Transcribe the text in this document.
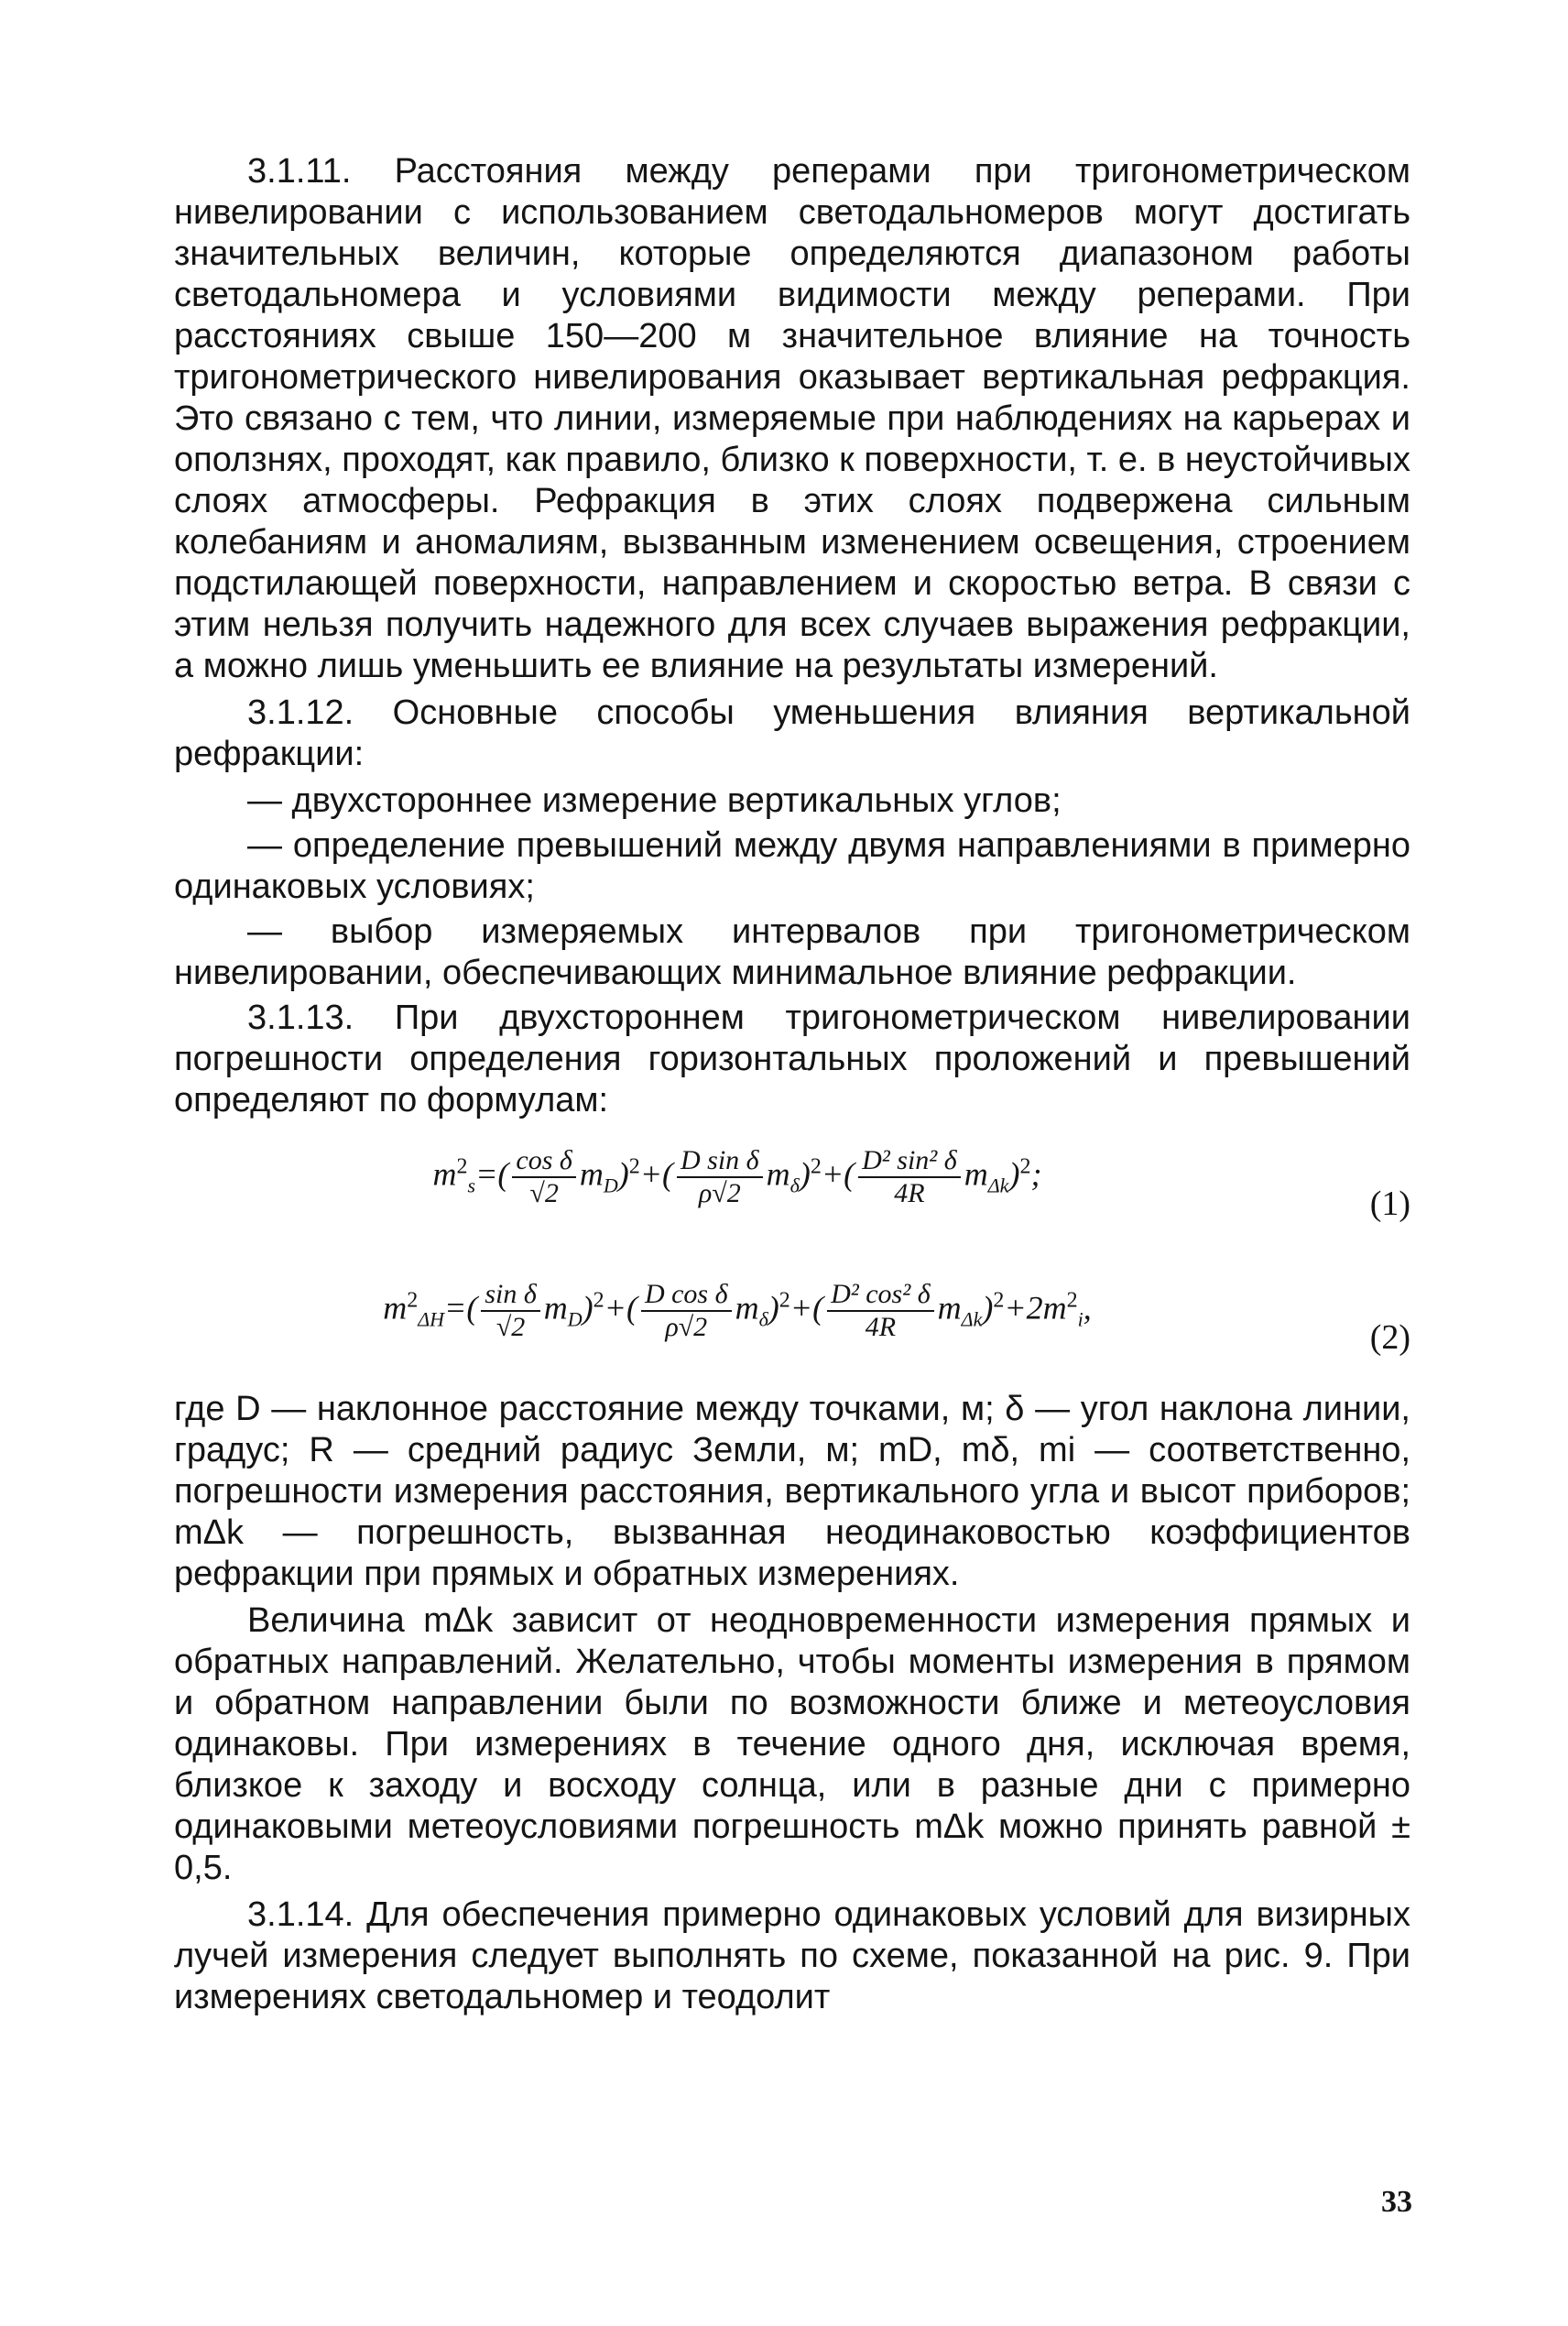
3.1.11. Расстояния между реперами при тригонометрическом нивелировании с использованием светодальномеров могут достигать значительных величин, которые определяются диапазоном работы светодальномера и условиями видимости между реперами. При расстояниях свыше 150—200 м значительное влияние на точность тригонометрического нивелирования оказывает вертикальная рефракция. Это связано с тем, что линии, измеряемые при наблюдениях на карьерах и оползнях, проходят, как правило, близко к поверхности, т. е. в неустойчивых слоях атмосферы. Рефракция в этих слоях подвержена сильным колебаниям и аномалиям, вызванным изменением освещения, строением подстилающей поверхности, направлением и скоростью ветра. В связи с этим нельзя получить надежного для всех случаев выражения рефракции, а можно лишь уменьшить ее влияние на результаты измерений.

3.1.12. Основные способы уменьшения влияния вертикальной рефракции:

— двухстороннее измерение вертикальных углов;

— определение превышений между двумя направлениями в примерно одинаковых условиях;

— выбор измеряемых интервалов при тригонометрическом нивелировании, обеспечивающих минимальное влияние рефракции.

3.1.13. При двухстороннем тригонометрическом нивелировании погрешности определения горизонтальных проложений и превышений определяют по формулам:

$m^2_s=( \frac{\text{cos δ}}{√2} m_D)^2+( \frac{\text{D sin δ}}{\rho√2} m_\delta)^2+( \frac{\text{D² sin² δ}}{4R} m_{\Delta k})^2$;
(1)
$m^2_{\Delta H}=( \frac{\text{sin δ}}{√2} m_D)^2+( \frac{\text{D cos δ}}{\rho√2} m_\delta)^2+( \frac{\text{D² cos² δ}}{4R} m_{\Delta k})^2+2m^2_i$,
(2)

где D — наклонное расстояние между точками, м; δ — угол наклона линии, градус; R — средний радиус Земли, м; mD, mδ, mi — соответственно, погрешности измерения расстояния, вертикального угла и высот приборов; mΔk — погрешность, вызванная неодинаковостью коэффициентов рефракции при прямых и обратных измерениях.

Величина mΔk зависит от неодновременности измерения прямых и обратных направлений. Желательно, чтобы моменты измерения в прямом и обратном направлении были по возможности ближе и метеоусловия одинаковы. При измерениях в течение одного дня, исключая время, близкое к заходу и восходу солнца, или в разные дни с примерно одинаковыми метеоусловиями погрешность mΔk можно принять равной ± 0,5.

3.1.14. Для обеспечения примерно одинаковых условий для визирных лучей измерения следует выполнять по схеме, показанной на рис. 9. При измерениях светодальномер и теодолит

33
